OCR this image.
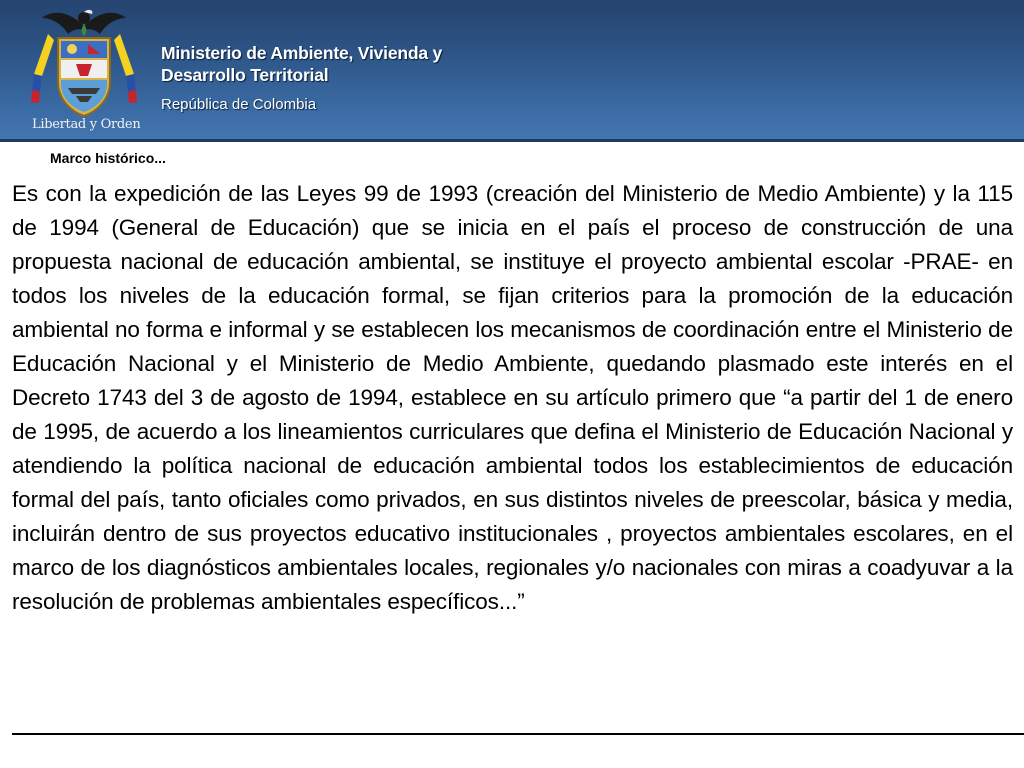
Libertad y Orden
Ministerio de Ambiente, Vivienda y
Desarrollo Territorial
República de Colombia
Marco histórico...

Es con la expedición de las Leyes 99 de 1993 (creación del Ministerio de Medio Ambiente) y la 115 de 1994 (General de Educación) que se inicia en el país el proceso de construcción de una propuesta nacional de educación ambiental, se instituye el proyecto ambiental escolar -PRAE- en todos los niveles de la educación formal, se fijan criterios para la promoción de la educación ambiental no forma e informal y se establecen los mecanismos de coordinación entre el Ministerio de Educación Nacional y el Ministerio de Medio Ambiente, quedando plasmado este interés en el Decreto 1743 del 3 de agosto de 1994, establece en su artículo primero que “a partir del 1 de enero de 1995, de acuerdo a los lineamientos curriculares que defina el Ministerio de Educación Nacional y atendiendo la política nacional de educación ambiental todos los establecimientos de educación formal del país, tanto oficiales como privados, en sus distintos niveles de preescolar, básica y media, incluirán dentro de sus proyectos educativo institucionales , proyectos ambientales escolares, en el marco de los diagnósticos ambientales locales, regionales y/o nacionales con miras a coadyuvar a la resolución de problemas ambientales específicos...”
